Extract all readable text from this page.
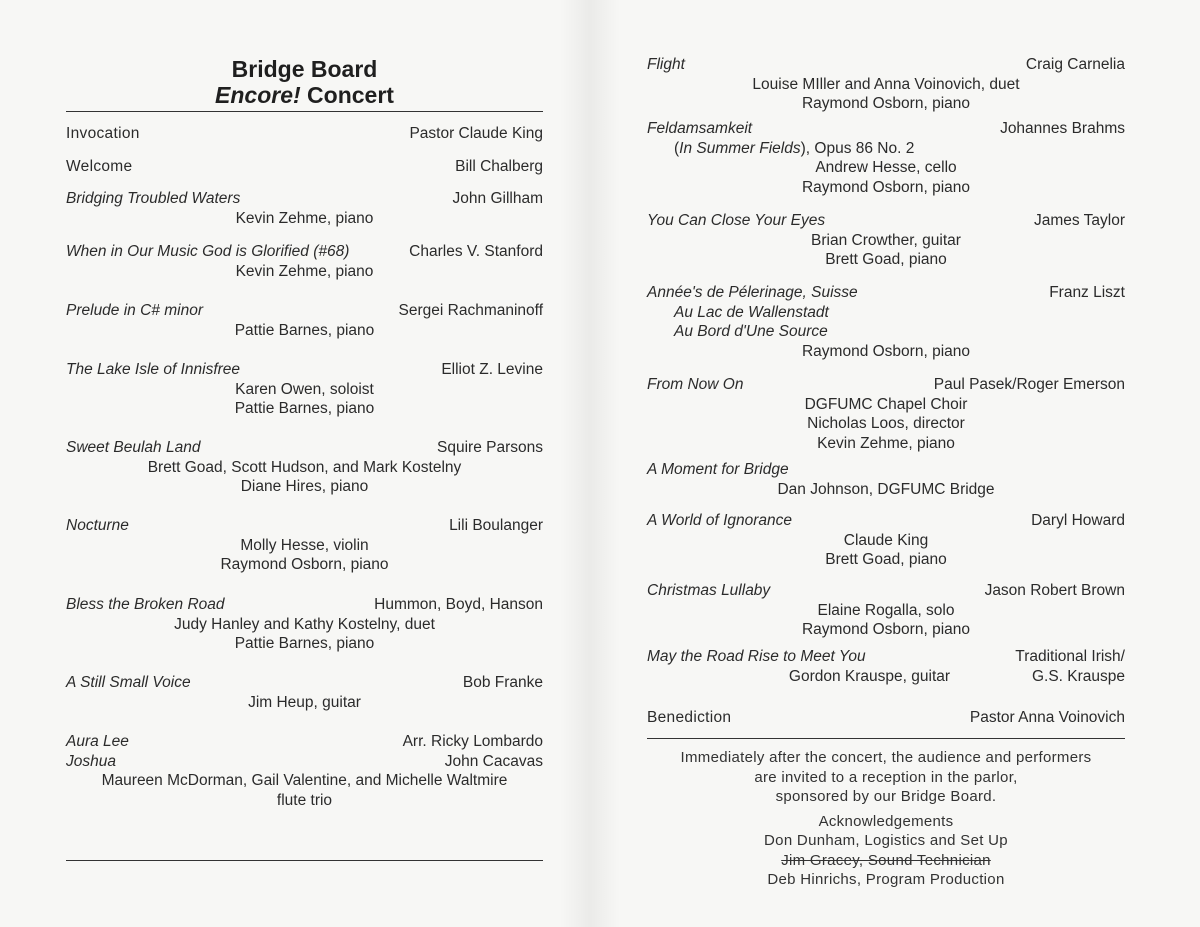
Bridge Board
Encore! Concert
Invocation	Pastor Claude King
Welcome	Bill Chalberg
Bridging Troubled Waters	John Gillham
Kevin Zehme, piano
When in Our Music God is Glorified (#68)	Charles V. Stanford
Kevin Zehme, piano
Prelude in C# minor	Sergei Rachmaninoff
Pattie Barnes, piano
The Lake Isle of Innisfree	Elliot Z. Levine
Karen Owen, soloist
Pattie Barnes, piano
Sweet Beulah Land	Squire Parsons
Brett Goad, Scott Hudson, and Mark Kostelny
Diane Hires, piano
Nocturne	Lili Boulanger
Molly Hesse, violin
Raymond Osborn, piano
Bless the Broken Road	Hummon, Boyd, Hanson
Judy Hanley and Kathy Kostelny, duet
Pattie Barnes, piano
A Still Small Voice	Bob Franke
Jim Heup, guitar
Aura Lee	Arr. Ricky Lombardo
Joshua	John Cacavas
Maureen McDorman, Gail Valentine, and Michelle Waltmire
flute trio
Flight	Craig Carnelia
Louise MIller and Anna Voinovich, duet
Raymond Osborn, piano
Feldamsamkeit	Johannes Brahms
(In Summer Fields), Opus 86 No. 2
Andrew Hesse, cello
Raymond Osborn, piano
You Can Close Your Eyes	James Taylor
Brian Crowther, guitar
Brett Goad, piano
Année's de Pélerinage, Suisse	Franz Liszt
Au Lac de Wallenstadt
Au Bord d'Une Source
Raymond Osborn, piano
From Now On	Paul Pasek/Roger Emerson
DGFUMC Chapel Choir
Nicholas Loos, director
Kevin Zehme, piano
A Moment for Bridge
Dan Johnson, DGFUMC Bridge
A World of Ignorance	Daryl Howard
Claude King
Brett Goad, piano
Christmas Lullaby	Jason Robert Brown
Elaine Rogalla, solo
Raymond Osborn, piano
May the Road Rise to Meet You	Traditional Irish/
Gordon Krauspe, guitar	G.S. Krauspe
Benediction	Pastor Anna Voinovich
Immediately after the concert, the audience and performers
are invited to a reception in the parlor,
sponsored by our Bridge Board.
Acknowledgements
Don Dunham, Logistics and Set Up
Jim Gracey, Sound Technician
Deb Hinrichs, Program Production
